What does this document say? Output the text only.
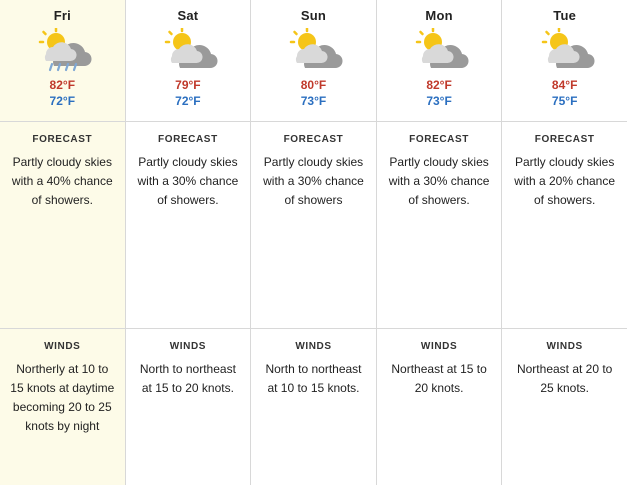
Fri
82°F
72°F
FORECAST
Partly cloudy skies with a 40% chance of showers.
WINDS
Northerly at 10 to 15 knots at daytime becoming 20 to 25 knots by night
Sat
79°F
72°F
FORECAST
Partly cloudy skies with a 30% chance of showers.
WINDS
North to northeast at 15 to 20 knots.
Sun
80°F
73°F
FORECAST
Partly cloudy skies with a 30% chance of showers
WINDS
North to northeast at 10 to 15 knots.
Mon
82°F
73°F
FORECAST
Partly cloudy skies with a 30% chance of showers.
WINDS
Northeast at 15 to 20 knots.
Tue
84°F
75°F
FORECAST
Partly cloudy skies with a 20% chance of showers.
WINDS
Northeast at 20 to 25 knots.
